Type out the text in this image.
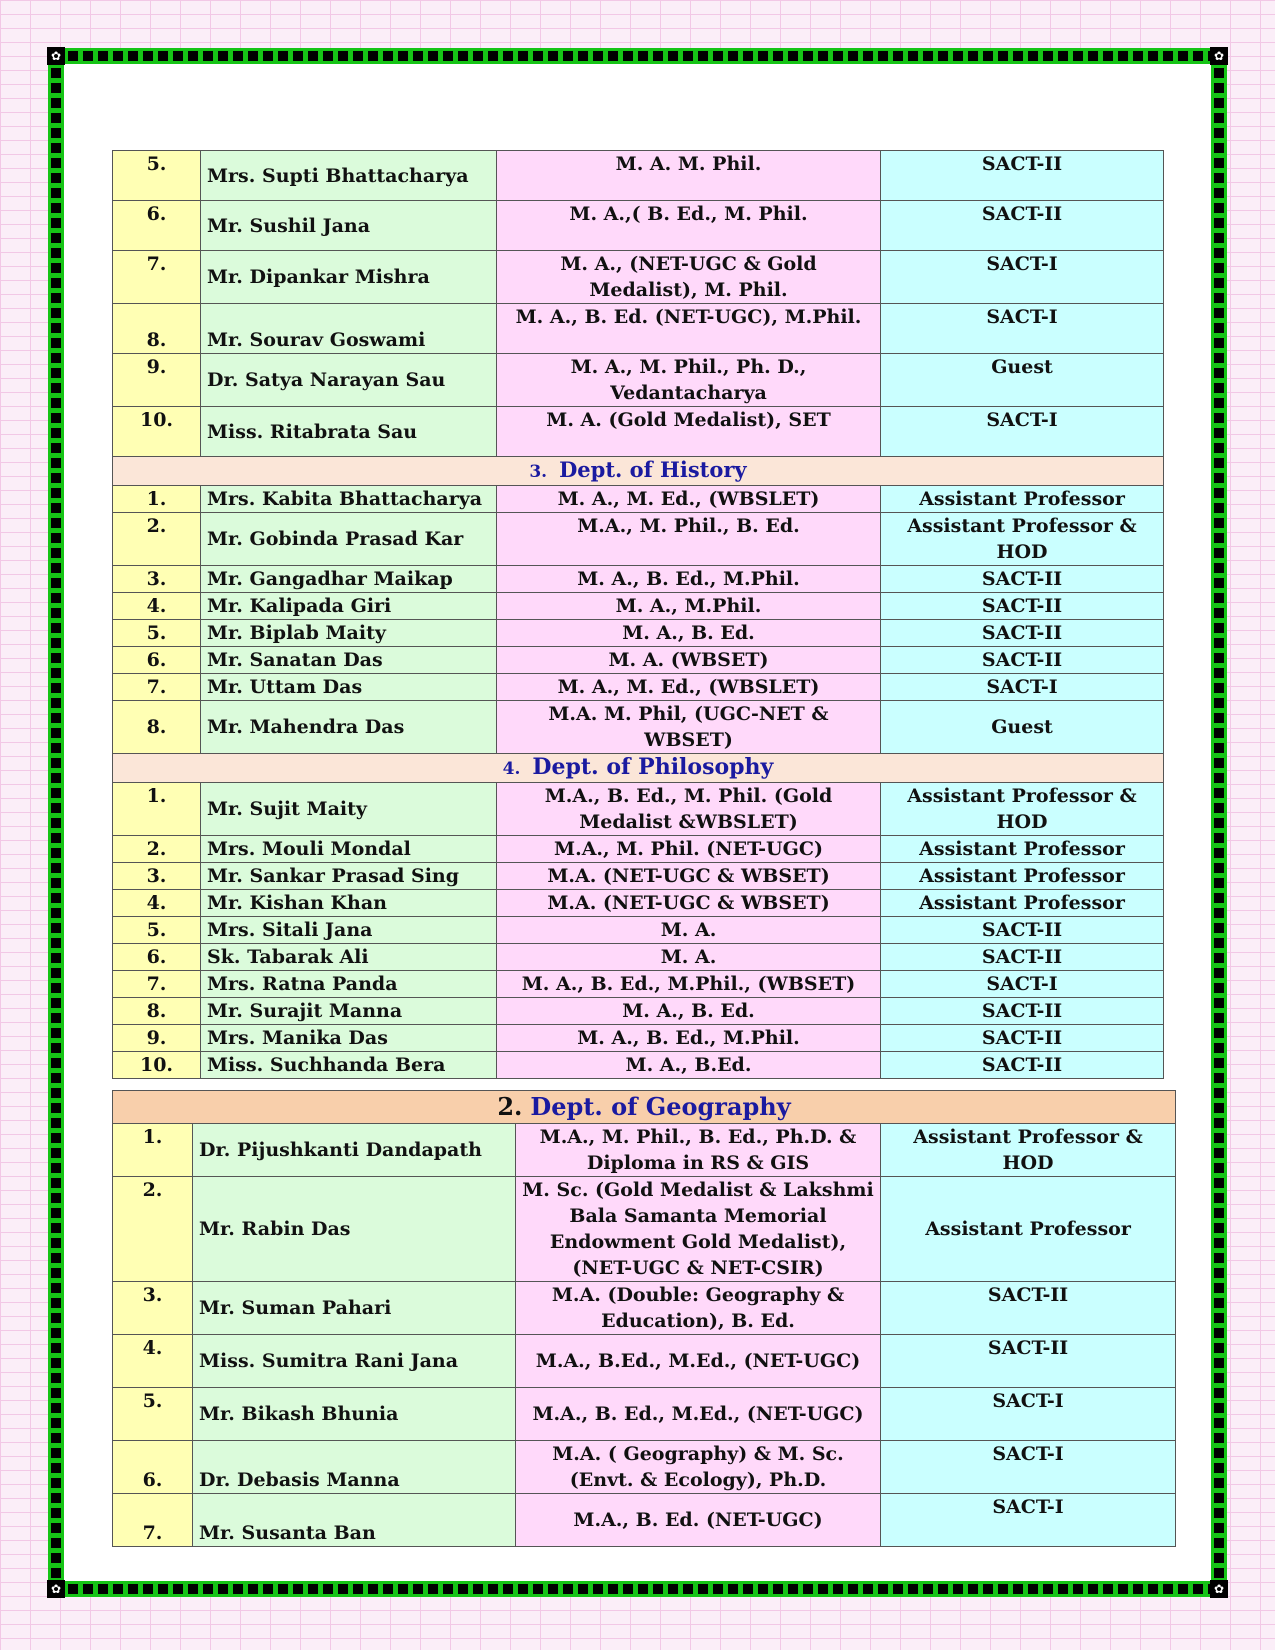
✿	✿
✿	✿
5.	Mrs. Supti Bhattacharya	M. A. M. Phil.	SACT-II
6.	Mr. Sushil Jana	M. A.,( B. Ed., M. Phil.	SACT-II
7.	Mr. Dipankar Mishra	M. A., (NET-UGC & Gold Medalist), M. Phil.	SACT-I
8.	Mr. Sourav Goswami	M. A., B. Ed. (NET-UGC), M.Phil.	SACT-I
9.	Dr. Satya Narayan Sau	M. A., M. Phil., Ph. D., Vedantacharya	Guest
10.	Miss. Ritabrata Sau	M. A. (Gold Medalist), SET	SACT-I
3. Dept. of History			
1.	Mrs. Kabita Bhattacharya	M. A., M. Ed., (WBSLET)	Assistant Professor
2.	Mr. Gobinda Prasad Kar	M.A., M. Phil., B. Ed.	Assistant Professor & HOD
3.	Mr. Gangadhar Maikap	M. A., B. Ed., M.Phil.	SACT-II
4.	Mr. Kalipada Giri	M. A., M.Phil.	SACT-II
5.	Mr. Biplab Maity	M. A., B. Ed.	SACT-II
6.	Mr. Sanatan Das	M. A. (WBSET)	SACT-II
7.	Mr. Uttam Das	M. A., M. Ed., (WBSLET)	SACT-I
8.	Mr. Mahendra Das	M.A. M. Phil, (UGC-NET & WBSET)	Guest
4. Dept. of Philosophy			
1.	Mr. Sujit Maity	M.A., B. Ed., M. Phil. (Gold Medalist &WBSLET)	Assistant Professor & HOD
2.	Mrs. Mouli Mondal	M.A., M. Phil. (NET-UGC)	Assistant Professor
3.	Mr. Sankar Prasad Sing	M.A. (NET-UGC & WBSET)	Assistant Professor
4.	Mr. Kishan Khan	M.A. (NET-UGC & WBSET)	Assistant Professor
5.	Mrs. Sitali Jana	M. A.	SACT-II
6.	Sk. Tabarak Ali	M. A.	SACT-II
7.	Mrs. Ratna Panda	M. A., B. Ed., M.Phil., (WBSET)	SACT-I
8.	Mr. Surajit Manna	M. A., B. Ed.	SACT-II
9.	Mrs. Manika Das	M. A., B. Ed., M.Phil.	SACT-II
10.	Miss. Suchhanda Bera	M. A., B.Ed.	SACT-II
2. Dept. of Geography			
1.	Dr. Pijushkanti Dandapath	M.A., M. Phil., B. Ed., Ph.D. & Diploma in RS & GIS	Assistant Professor & HOD
2.	Mr. Rabin Das	M. Sc. (Gold Medalist & Lakshmi Bala Samanta Memorial Endowment Gold Medalist), (NET-UGC & NET-CSIR)	Assistant Professor
3.	Mr. Suman Pahari	M.A. (Double: Geography & Education), B. Ed.	SACT-II
4.	Miss. Sumitra Rani Jana	M.A., B.Ed., M.Ed., (NET-UGC)	SACT-II
5.	Mr. Bikash Bhunia	M.A., B. Ed., M.Ed., (NET-UGC)	SACT-I
6.	Dr. Debasis Manna	M.A. ( Geography) & M. Sc. (Envt. & Ecology), Ph.D.	SACT-I
7.	Mr. Susanta Ban	M.A., B. Ed. (NET-UGC)	SACT-I
